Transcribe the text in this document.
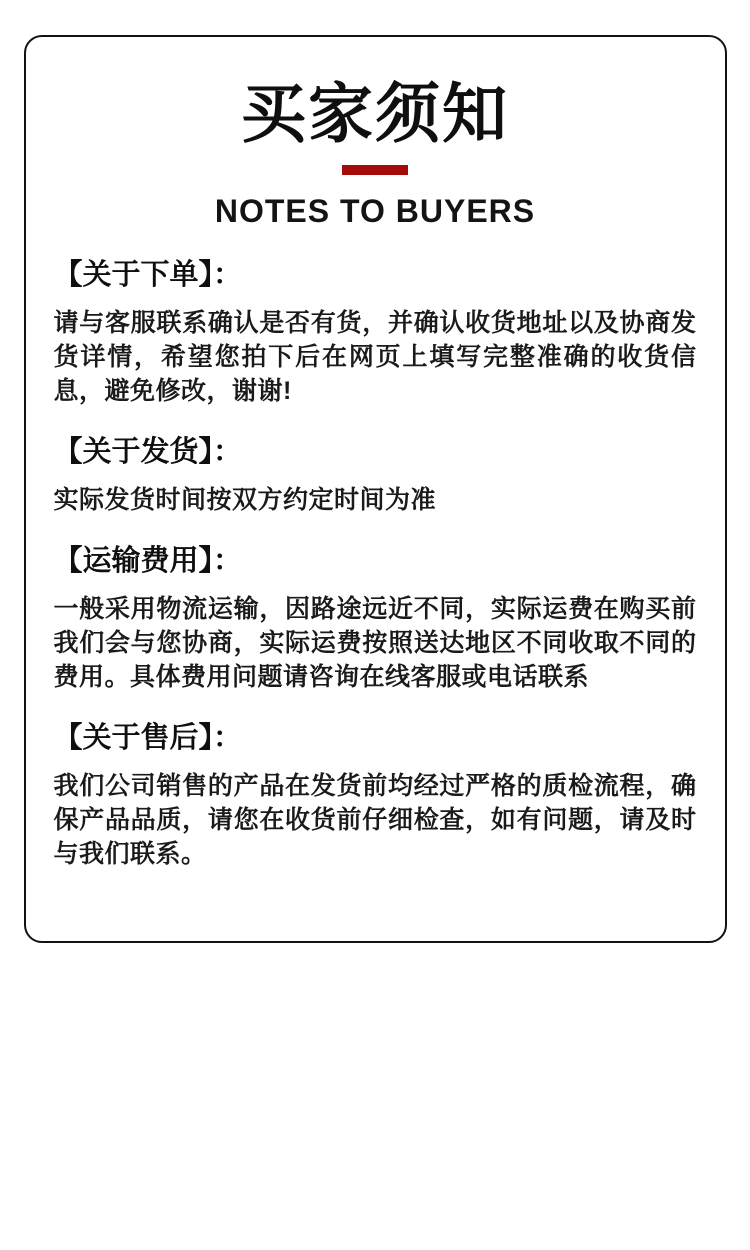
买家须知
NOTES TO BUYERS
【关于下单】：

请与客服联系确认是否有货，并确认收货地址以及协商发货详情，希望您拍下后在网页上填写完整准确的收货信息，避免修改，谢谢!

【关于发货】：

实际发货时间按双方约定时间为准

【运输费用】：

一般采用物流运输，因路途远近不同，实际运费在购买前我们会与您协商，实际运费按照送达地区不同收取不同的费用。具体费用问题请咨询在线客服或电话联系

【关于售后】：

我们公司销售的产品在发货前均经过严格的质检流程，确保产品品质，请您在收货前仔细检查，如有问题，请及时与我们联系。
